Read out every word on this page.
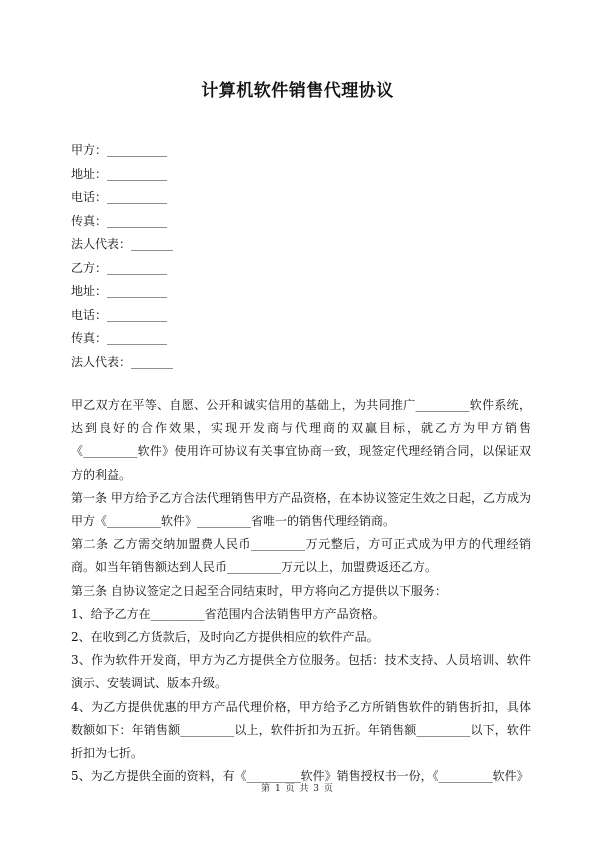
计算机软件销售代理协议
甲方：__________
地址：__________
电话：__________
传真：__________
法人代表：_______
乙方：__________
地址：__________
电话：__________
传真：__________
法人代表：_______

甲乙双方在平等、自愿、公开和诚实信用的基础上，为共同推广_________软件系统，达到良好的合作效果，实现开发商与代理商的双赢目标，就乙方为甲方销售《_________软件》使用许可协议有关事宜协商一致，现签定代理经销合同，以保证双方的利益。

第一条 甲方给予乙方合法代理销售甲方产品资格，在本协议签定生效之日起，乙方成为甲方《_________软件》_________省唯一的销售代理经销商。

第二条 乙方需交纳加盟费人民币_________万元整后，方可正式成为甲方的代理经销商。如当年销售额达到人民币_________万元以上，加盟费返还乙方。

第三条 自协议签定之日起至合同结束时，甲方将向乙方提供以下服务：

1、给予乙方在_________省范围内合法销售甲方产品资格。

2、在收到乙方货款后，及时向乙方提供相应的软件产品。

3、作为软件开发商，甲方为乙方提供全方位服务。包括：技术支持、人员培训、软件演示、安装调试、版本升级。

4、为乙方提供优惠的甲方产品代理价格，甲方给予乙方所销售软件的销售折扣，具体数额如下：年销售额_________以上，软件折扣为五折。年销售额_________以下，软件折扣为七折。

5、为乙方提供全面的资料，有《_________软件》销售授权书一份，《_________软件》

第 1 页 共 3 页
